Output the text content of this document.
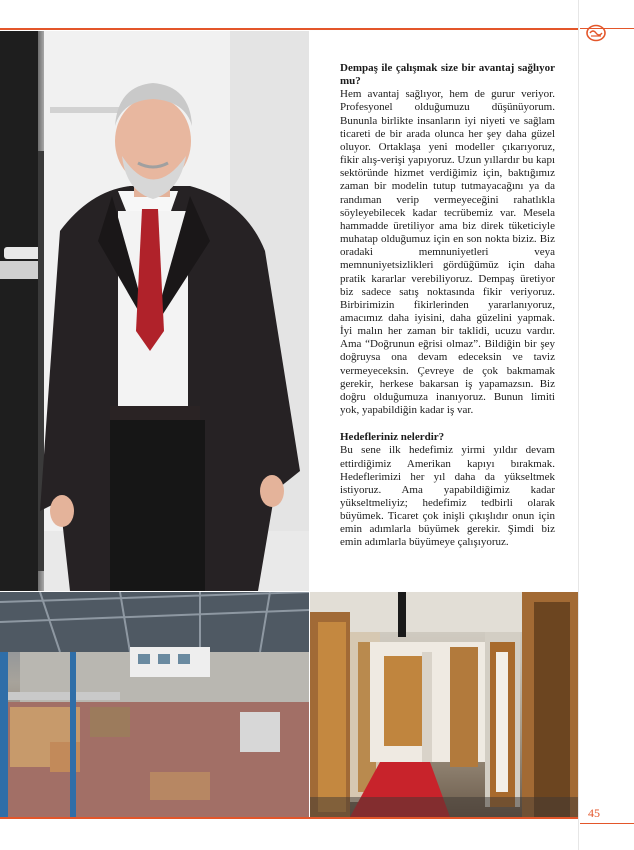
Dempaş ile çalışmak size bir avantaj sağlıyor mu?

Hem avantaj sağlıyor, hem de gurur veriyor. Profesyonel olduğumuzu düşünüyorum. Bununla birlikte insanların iyi niyeti ve sağlam ticareti de bir arada olunca her şey daha güzel oluyor. Ortaklaşa yeni modeller çıkarıyoruz, fikir alış-verişi yapıyoruz. Uzun yıllardır bu kapı sektöründe hizmet verdiğimiz için, baktığımız zaman bir modelin tutup tutmayacağını ya da randıman verip vermeyeceğini rahatlıkla söyleyebilecek kadar tecrübemiz var. Mesela hammadde üretiliyor ama biz direk tüketiciyle muhatap olduğumuz için en son nokta biziz. Biz oradaki memnuniyetleri veya memnuniyetsizlikleri gördüğümüz için daha pratik kararlar verebiliyoruz. Dempaş üretiyor biz sadece satış noktasında fikir veriyoruz. Birbirimizin fikirlerinden yararlanıyoruz, amacımız daha iyisini, daha güzelini yapmak. İyi malın her zaman bir taklidi, ucuzu vardır. Ama “Doğrunun eğrisi olmaz”. Bildiğin bir şey doğruysa ona devam edeceksin ve taviz vermeyeceksin. Çevreye de çok bakmamak gerekir, herkese bakarsan iş yapamazsın. Biz doğru olduğumuza inanıyoruz. Bunun limiti yok, yapabildiğin kadar iş var.

Hedefleriniz nelerdir?

Bu sene ilk hedefimiz yirmi yıldır devam ettirdiğimiz Amerikan kapıyı bırakmak. Hedeflerimizi her yıl daha da yükseltmek istiyoruz. Ama yapabildiğimiz kadar yükseltmeliyiz; hedefimiz tedbirli olarak büyümek. Ticaret çok inişli çıkışlıdır onun için emin adımlarla büyümek gerekir. Şimdi biz emin adımlarla büyümeye çalışıyoruz.

45
